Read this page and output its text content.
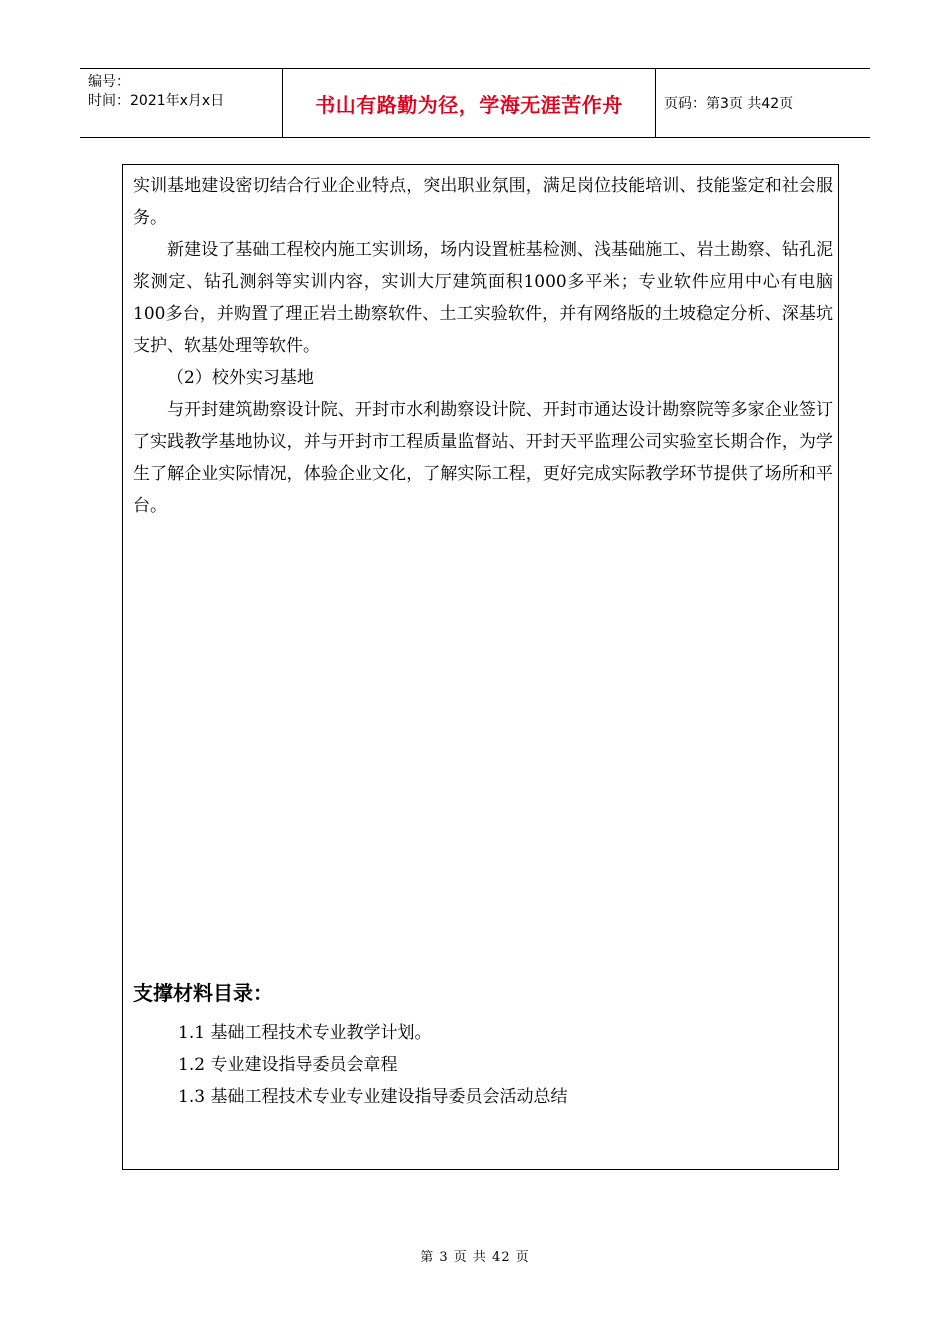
编号：
时间：2021年x月x日	书山有路勤为径，学海无涯苦作舟	页码：第3页 共42页

实训基地建设密切结合行业企业特点，突出职业氛围，满足岗位技能培训、技能鉴定和社会服务。

新建设了基础工程校内施工实训场，场内设置桩基检测、浅基础施工、岩土勘察、钻孔泥浆测定、钻孔测斜等实训内容，实训大厅建筑面积1000多平米；专业软件应用中心有电脑100多台，并购置了理正岩土勘察软件、土工实验软件，并有网络版的土坡稳定分析、深基坑支护、软基处理等软件。

（2）校外实习基地

与开封建筑勘察设计院、开封市水利勘察设计院、开封市通达设计勘察院等多家企业签订了实践教学基地协议，并与开封市工程质量监督站、开封天平监理公司实验室长期合作，为学生了解企业实际情况，体验企业文化，了解实际工程，更好完成实际教学环节提供了场所和平台。

支撑材料目录：
1.1 基础工程技术专业教学计划。
1.2 专业建设指导委员会章程
1.3 基础工程技术专业专业建设指导委员会活动总结
第 3 页 共 42 页
